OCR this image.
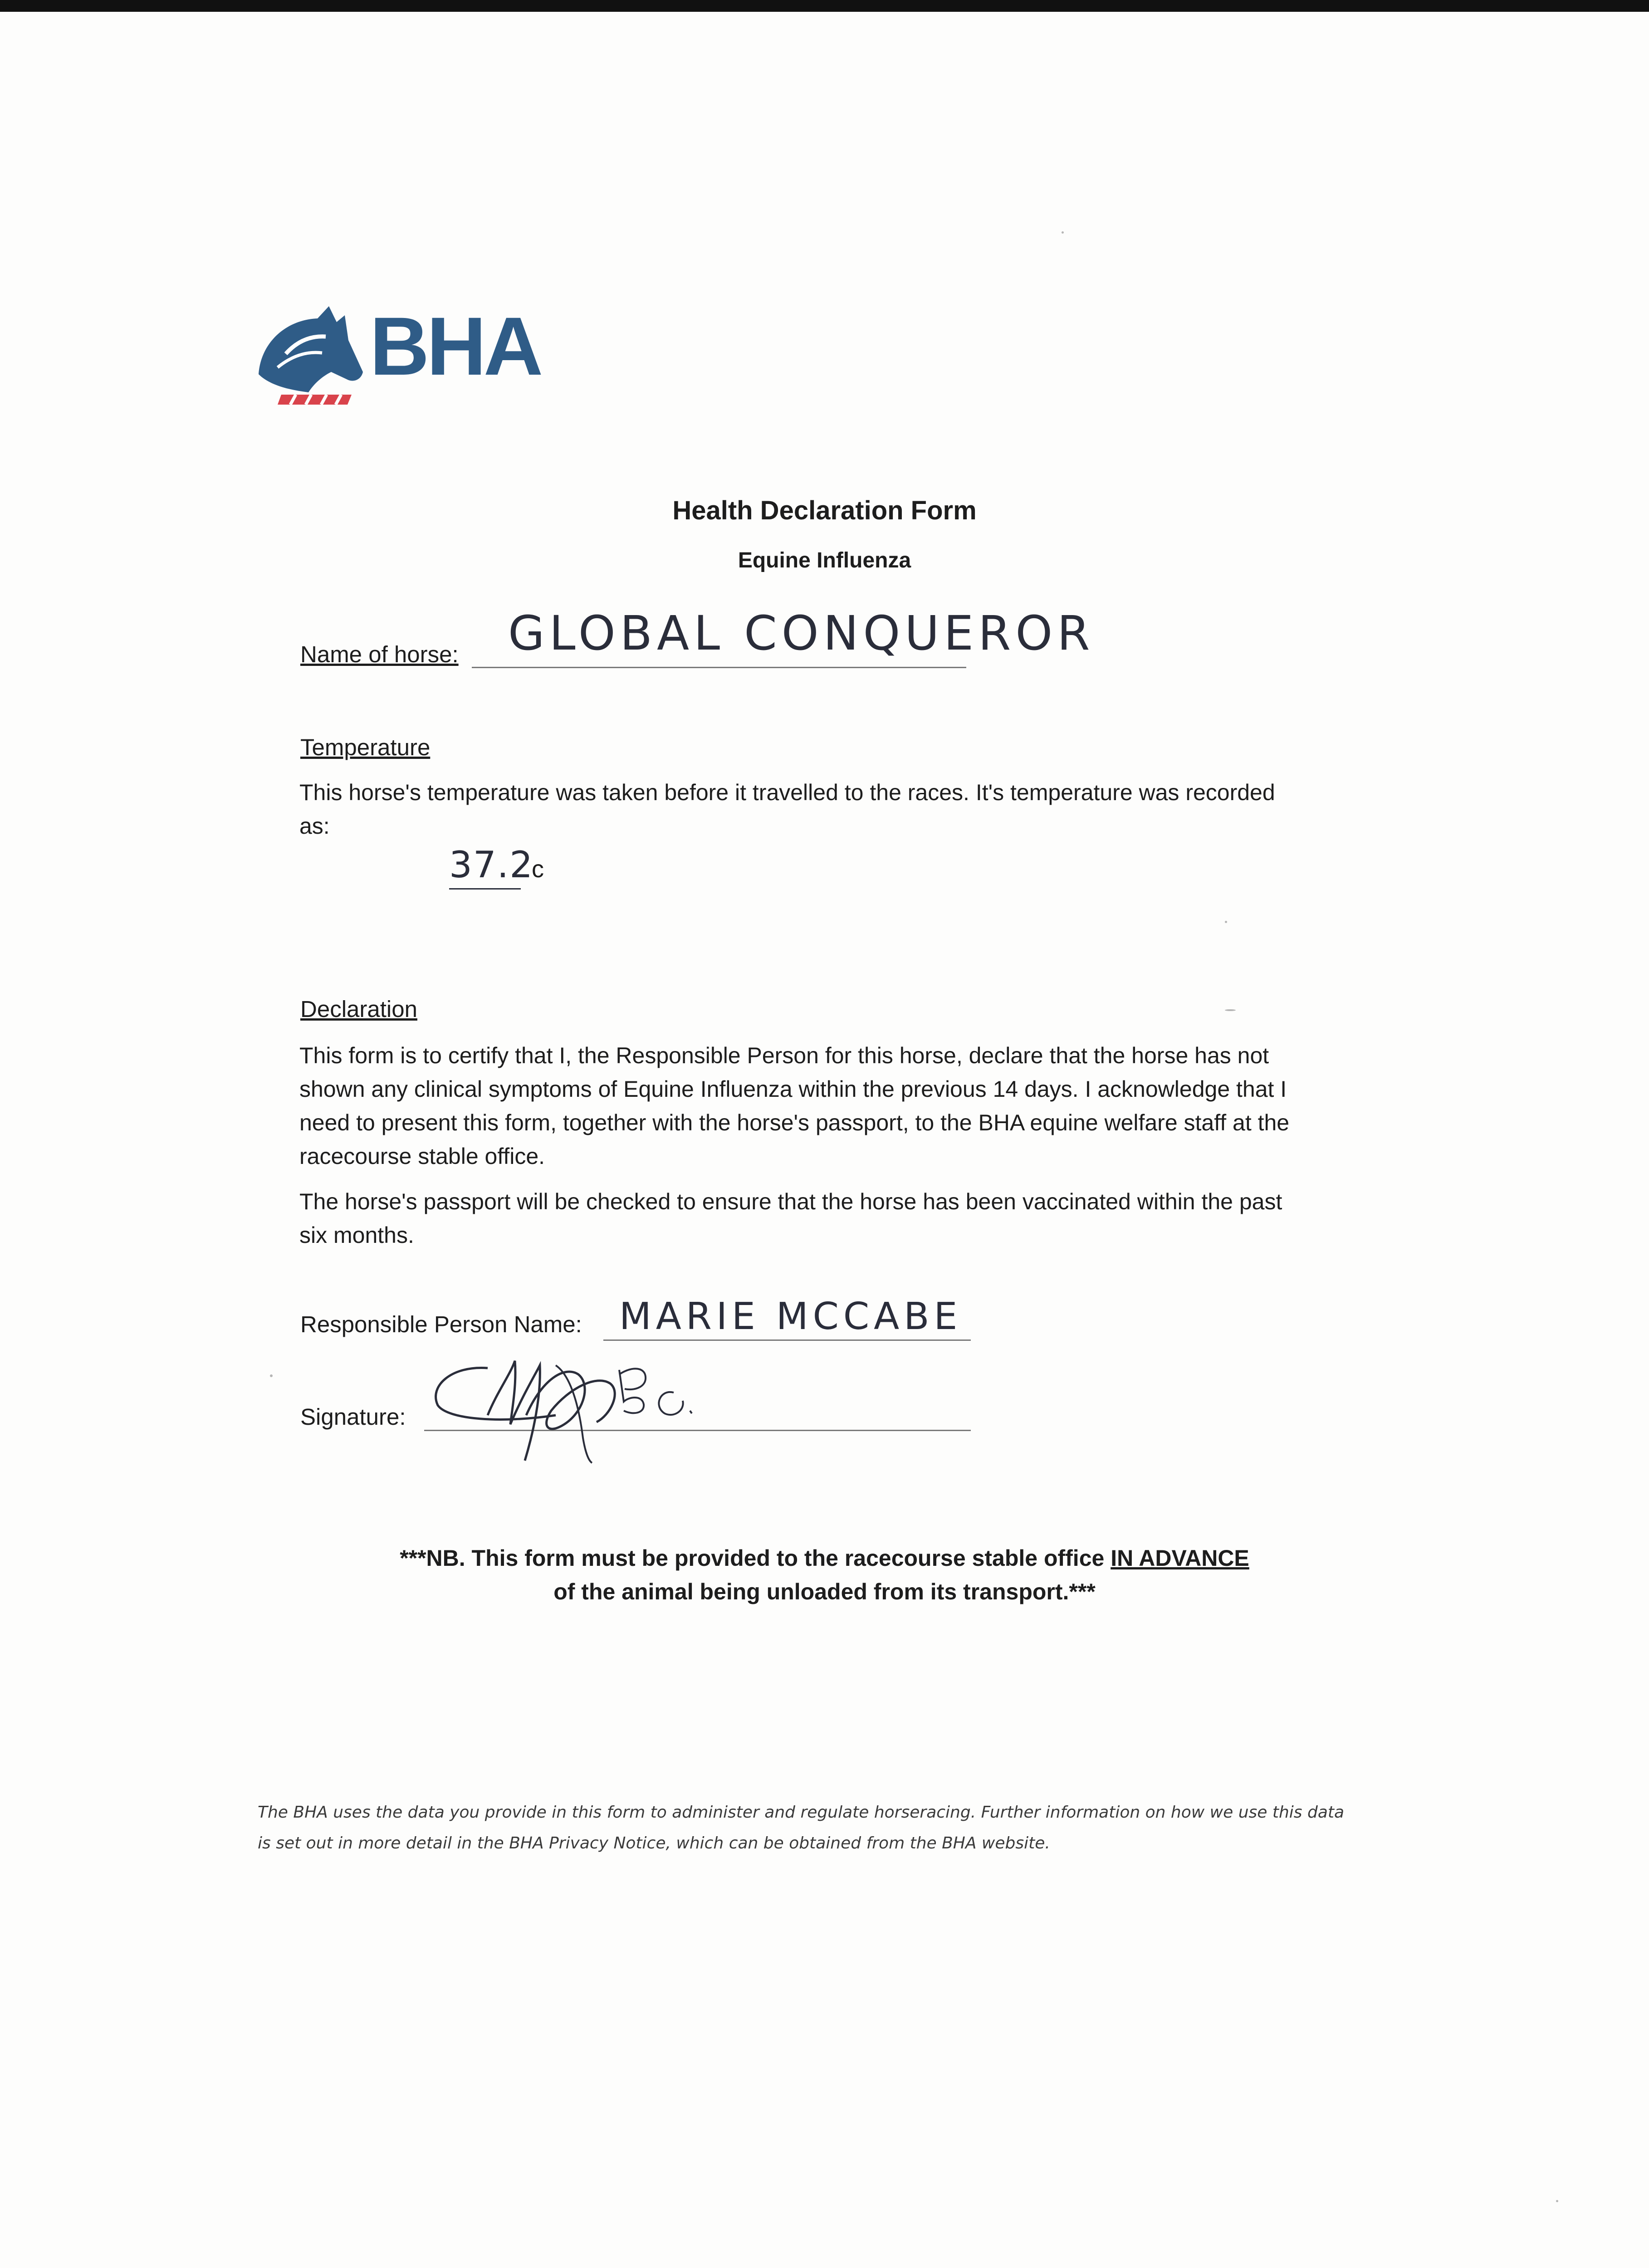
BHA
Health Declaration Form
Equine Influenza
Name of horse: GLOBAL CONQUEROR
Temperature
This horse's temperature was taken before it travelled to the races. It's temperature was recorded as:
37.2
c
Declaration
This form is to certify that I, the Responsible Person for this horse, declare that the horse has not shown any clinical symptoms of Equine Influenza within the previous 14 days. I acknowledge that I need to present this form, together with the horse's passport, to the BHA equine welfare staff at the racecourse stable office.
The horse's passport will be checked to ensure that the horse has been vaccinated within the past six months.
Responsible Person Name: MARIE MCCABE
Signature:
***NB. This form must be provided to the racecourse stable office IN ADVANCE
of the animal being unloaded from its transport.***
The BHA uses the data you provide in this form to administer and regulate horseracing. Further information on how we use this data is set out in more detail in the BHA Privacy Notice, which can be obtained from the BHA website.
